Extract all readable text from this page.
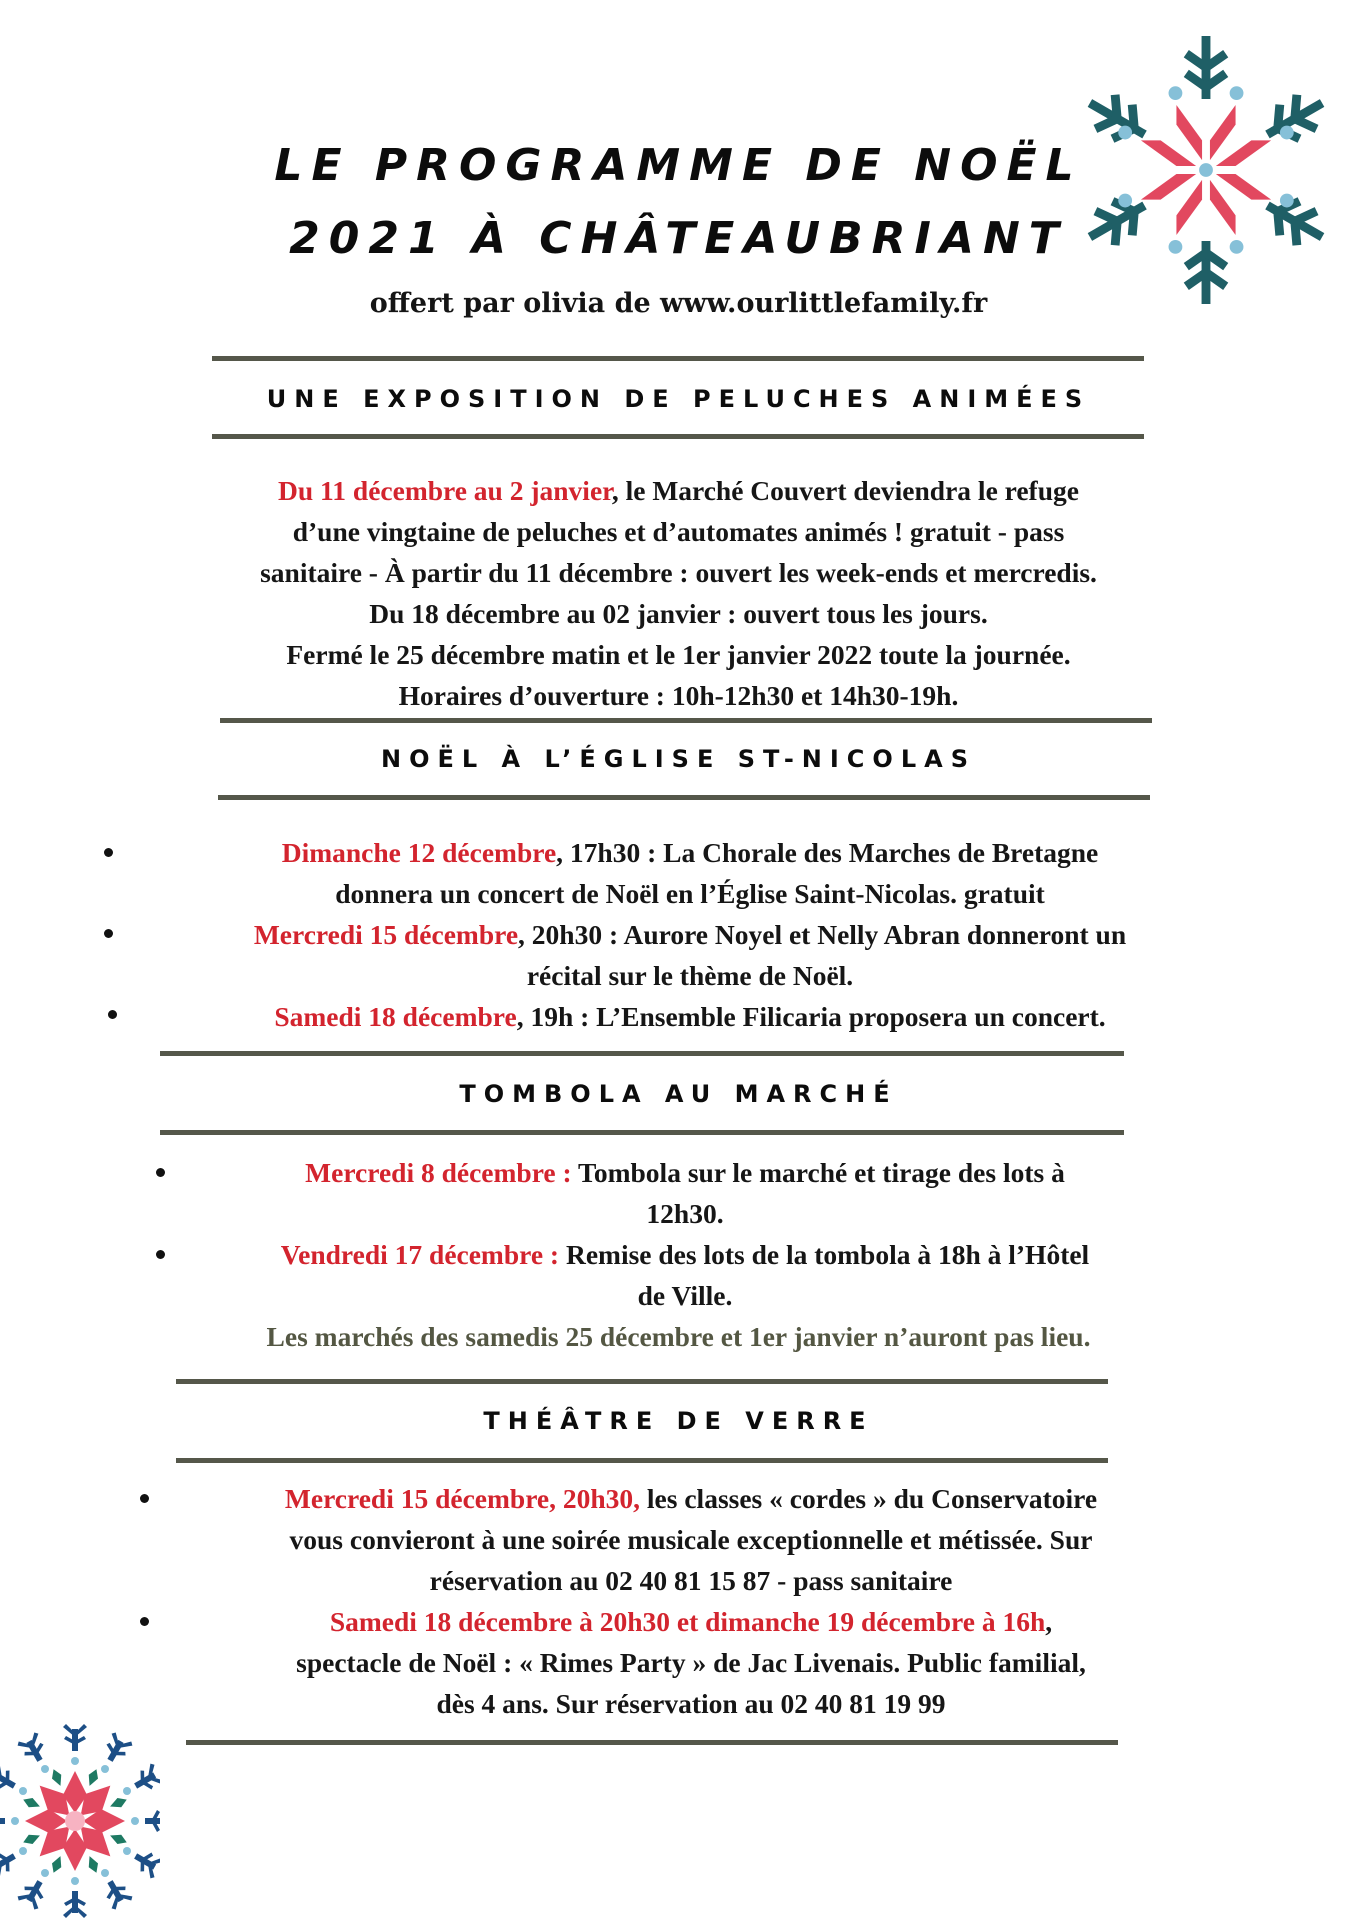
LE PROGRAMME DE NOËL
2021 À CHÂTEAUBRIANT
offert par olivia de www.ourlittlefamily.fr
UNE EXPOSITION DE PELUCHES ANIMÉES
Du 11 décembre au 2 janvier, le Marché Couvert deviendra le refuge
d’une vingtaine de peluches et d’automates animés ! gratuit - pass
sanitaire - À partir du 11 décembre : ouvert les week-ends et mercredis.
Du 18 décembre au 02 janvier : ouvert tous les jours.
Fermé le 25 décembre matin et le 1er janvier 2022 toute la journée.
Horaires d’ouverture : 10h-12h30 et 14h30-19h.
NOËL À L’ÉGLISE ST-NICOLAS
Dimanche 12 décembre, 17h30 : La Chorale des Marches de Bretagne
donnera un concert de Noël en l’Église Saint-Nicolas. gratuit
Mercredi 15 décembre, 20h30 : Aurore Noyel et Nelly Abran donneront un
récital sur le thème de Noël.
Samedi 18 décembre, 19h : L’Ensemble Filicaria proposera un concert.
TOMBOLA AU MARCHÉ
Mercredi 8 décembre : Tombola sur le marché et tirage des lots à
12h30.
Vendredi 17 décembre : Remise des lots de la tombola à 18h à l’Hôtel
de Ville.
Les marchés des samedis 25 décembre et 1er janvier n’auront pas lieu.
THÉÂTRE DE VERRE
Mercredi 15 décembre, 20h30, les classes « cordes » du Conservatoire
vous convieront à une soirée musicale exceptionnelle et métissée. Sur
réservation au 02 40 81 15 87 - pass sanitaire
Samedi 18 décembre à 20h30 et dimanche 19 décembre à 16h,
spectacle de Noël : « Rimes Party » de Jac Livenais. Public familial,
dès 4 ans. Sur réservation au 02 40 81 19 99
